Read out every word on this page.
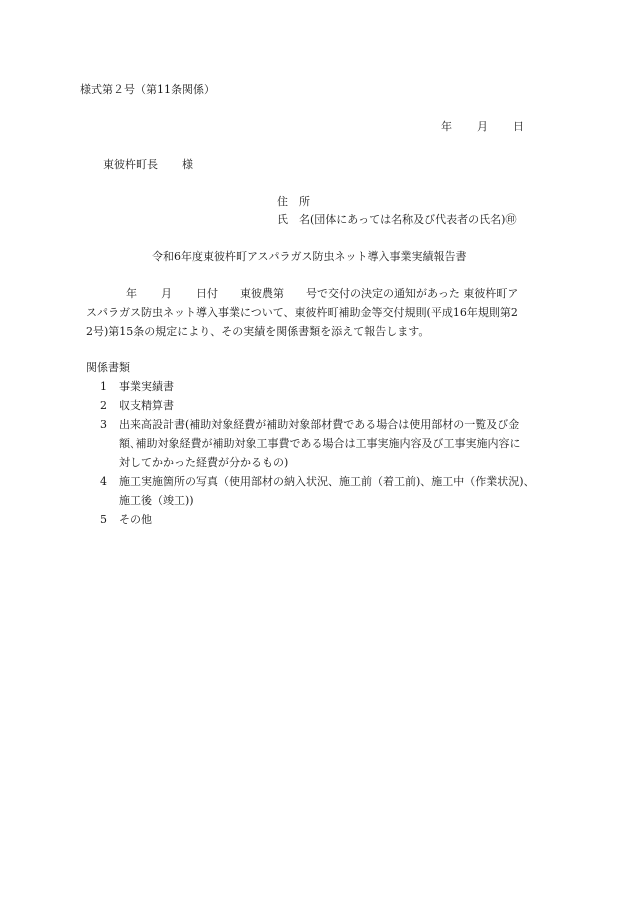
様式第２号（第11条関係）
年 月 日
東彼杵町長 様
住　所
氏　名(団体にあっては名称及び代表者の氏名)㊞
令和6年度東彼杵町アスパラガス防虫ネット導入事業実績報告書
年 月 日付 東彼農第 号で交付の決定の通知があった 東彼杵町ア
スパラガス防虫ネット導入事業について、東彼杵町補助金等交付規則(平成16年規則第2
2号)第15条の規定により、その実績を関係書類を添えて報告します。
関係書類
1	事業実績書
2	収支精算書
3	出来高設計書(補助対象経費が補助対象部材費である場合は使用部材の一覧及び金
額､補助対象経費が補助対象工事費である場合は工事実施内容及び工事実施内容に
対してかかった経費が分かるもの)
4	施工実施箇所の写真（使用部材の納入状況、施工前（着工前)、施工中（作業状況)、
施工後（竣工))
5	その他
